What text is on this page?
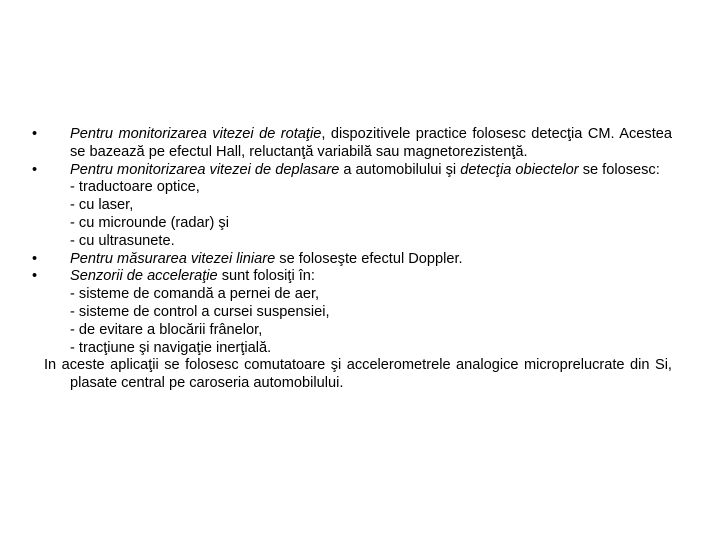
• Pentru monitorizarea vitezei de rotaţie, dispozitivele practice folosesc detecţia CM. Acestea se bazează pe efectul Hall, reluctanţă variabilă sau magnetorezistenţă.
• Pentru monitorizarea vitezei de deplasare a automobilului şi detecţia obiectelor se folosesc:
- traductoare optice,
- cu laser,
- cu microunde (radar) şi
- cu ultrasunete.
• Pentru măsurarea vitezei liniare se foloseşte efectul Doppler.
• Senzorii de acceleraţie sunt folosiţi în:
- sisteme de comandă a pernei de aer,
- sisteme de control a cursei suspensiei,
- de evitare a blocării frânelor,
- tracţiune şi navigaţie inerţială.
In aceste aplicaţii se folosesc comutatoare şi accelerometrele analogice microprelucrate din Si, plasate central pe caroseria automobilului.
